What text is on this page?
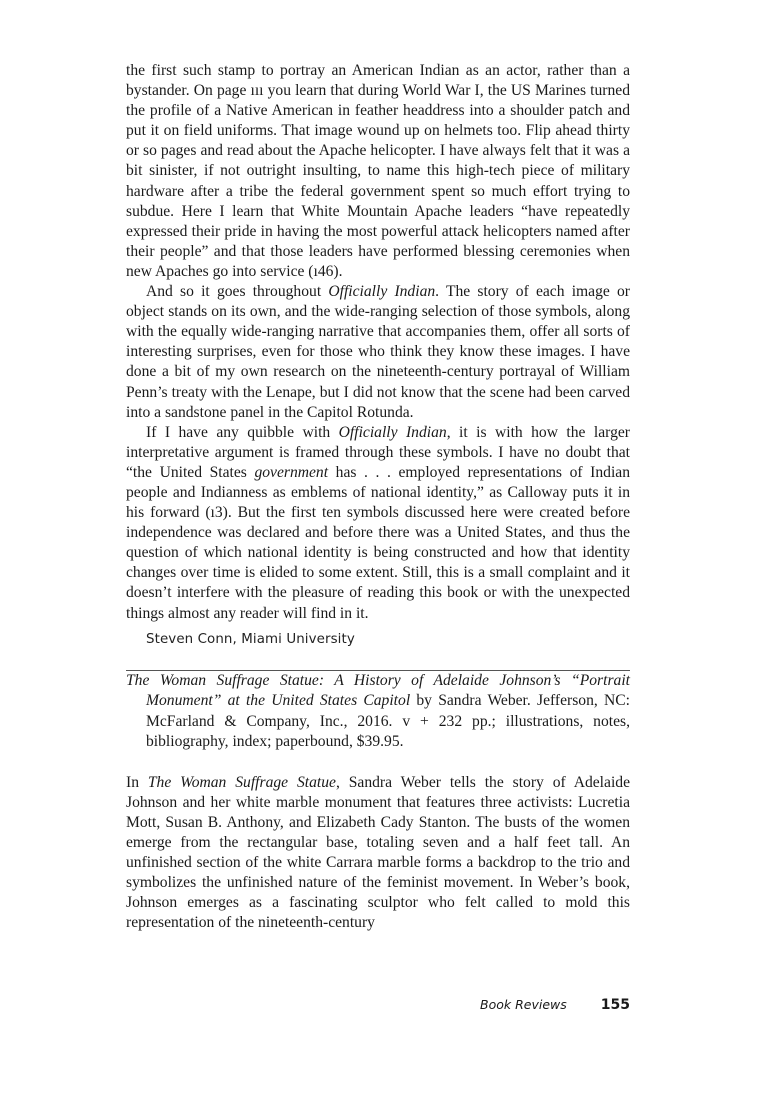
the first such stamp to portray an American Indian as an actor, rather than a bystander. On page ııı you learn that during World War I, the US Marines turned the profile of a Native American in feather headdress into a shoulder patch and put it on field uniforms. That image wound up on helmets too. Flip ahead thirty or so pages and read about the Apache helicopter. I have always felt that it was a bit sinister, if not outright insulting, to name this high-tech piece of military hardware after a tribe the federal government spent so much effort trying to subdue. Here I learn that White Mountain Apache leaders “have repeatedly expressed their pride in having the most powerful attack helicopters named after their people” and that those leaders have performed blessing ceremonies when new Apaches go into service (ı46).

And so it goes throughout Officially Indian. The story of each image or object stands on its own, and the wide-ranging selection of those symbols, along with the equally wide-ranging narrative that accompanies them, offer all sorts of interesting surprises, even for those who think they know these images. I have done a bit of my own research on the nineteenth-century portrayal of William Penn’s treaty with the Lenape, but I did not know that the scene had been carved into a sandstone panel in the Capitol Rotunda.

If I have any quibble with Officially Indian, it is with how the larger interpretative argument is framed through these symbols. I have no doubt that “the United States government has . . . employed representations of Indian people and Indianness as emblems of national identity,” as Calloway puts it in his forward (ı3). But the first ten symbols discussed here were created before independence was declared and before there was a United States, and thus the question of which national identity is being constructed and how that identity changes over time is elided to some extent. Still, this is a small complaint and it doesn’t interfere with the pleasure of reading this book or with the unexpected things almost any reader will find in it.

Steven Conn, Miami University

The Woman Suffrage Statue: A History of Adelaide Johnson’s “Portrait Monument” at the United States Capitol by Sandra Weber. Jefferson, NC: McFarland & Company, Inc., 2016. v + 232 pp.; illustrations, notes, bibliography, index; paperbound, $39.95.

In The Woman Suffrage Statue, Sandra Weber tells the story of Adelaide Johnson and her white marble monument that features three activists: Lucretia Mott, Susan B. Anthony, and Elizabeth Cady Stanton. The busts of the women emerge from the rectangular base, totaling seven and a half feet tall. An unfinished section of the white Carrara marble forms a backdrop to the trio and symbolizes the unfinished nature of the feminist movement. In Weber’s book, Johnson emerges as a fascinating sculptor who felt called to mold this representation of the nineteenth-century

Book Reviews 155
